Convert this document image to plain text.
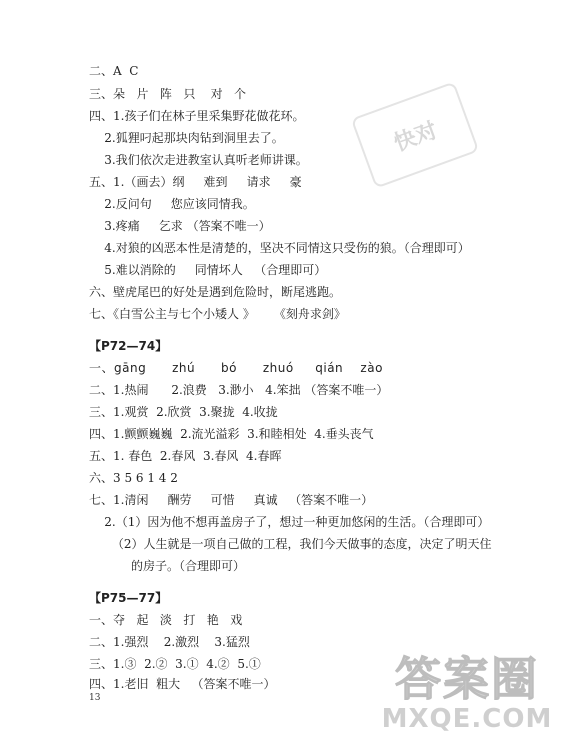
快对

二、A  C

三、朵   片   阵   只    对   个

四、1.孩子们在林子里采集野花做花环。

2.狐狸叼起那块肉钻到洞里去了。

3.我们依次走进教室认真听老师讲课。

五、1.（画去）纲     难到     请求     豪

2.反问句     您应该同情我。

3.疼痛     乞求 （答案不唯一）

4.对狼的凶恶本性是清楚的，坚决不同情这只受伤的狼。（合理即可）

5.难以消除的     同情坏人   （合理即可）

六、壁虎尾巴的好处是遇到危险时，断尾逃跑。

七、《白雪公主与七个小矮人 》     《刻舟求剑》

【P72—74】

一、gāng      zhú      bó      zhuó     qián    zào

二、1.热闹      2.浪费   3.渺小   4.笨拙 （答案不唯一）

三、1.观赏  2.欣赏  3.聚拢  4.收拢

四、1.颤颤巍巍  2.流光溢彩  3.和睦相处  4.垂头丧气

五、1. 春色  2.春风  3.春风  4.春晖

六、3 5 6 1 4 2

七、1.清闲     酬劳     可惜     真诚   （答案不唯一）

2.（1）因为他不想再盖房子了，想过一种更加悠闲的生活。（合理即可）

（2）人生就是一项自己做的工程，我们今天做事的态度，决定了明天住

的房子。（合理即可）

【P75—77】

一、夺   起   淡   打   艳   戏

二、1.强烈    2.激烈    3.猛烈

三、1.③  2.②  3.①  4.②  5.①

四、1.老旧  粗大   （答案不唯一）

13	答案圈
MXQE.COM
